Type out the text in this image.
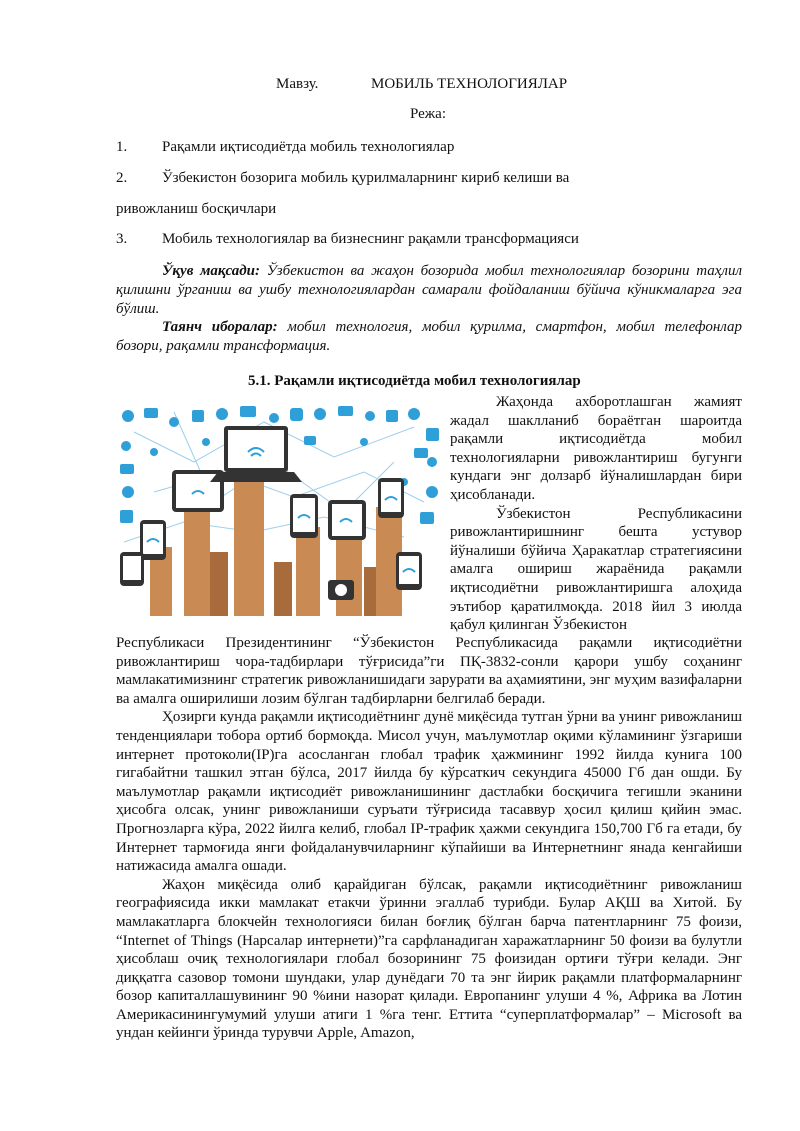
Мавзу.	МОБИЛЬ ТЕХНОЛОГИЯЛАР
Режа:
1. Рақамли иқтисодиётда мобиль технологиялар
2. Ўзбекистон бозорига мобиль қурилмаларнинг кириб келиши ва
ривожланиш босқичлари
3. Мобиль технологиялар ва бизнеснинг рақамли трансформацияси
Ўқув мақсади: Ўзбекистон ва жаҳон бозорида мобил технологиялар бозорини таҳлил қилишни ўрганиш ва ушбу технологиялардан самарали фойдаланиш бўйича кўникмаларга эга бўлиш.
Таянч иборалар: мобил технология, мобил қурилма, смартфон, мобил телефонлар бозори, рақамли трансформация.
5.1. Рақамли иқтисодиётда мобил технологиялар

Жаҳонда ахборотлашган жамият жадал шаклланиб бораётган шароитда рақамли иқтисодиётда мобил технологияларни ривожлантириш бугунги кундаги энг долзарб йўналишлардан бири ҳисобланади.

Ўзбекистон Республикасини ривожлантиришнинг бешта устувор йўналиши бўйича Ҳаракатлар стратегиясини амалга ошириш жараёнида рақамли иқтисодиётни ривожлантиришга алоҳида эътибор қаратилмоқда. 2018 йил 3 июлда қабул қилинган Ўзбекистон

Республикаси Президентининг “Ўзбекистон Республикасида рақамли иқтисодиётни ривожлантириш чора-тадбирлари тўғрисида”ги ПҚ-3832-сонли қарори ушбу соҳанинг мамлакатимизнинг стратегик ривожланишидаги зарурати ва аҳамиятини, энг муҳим вазифаларни ва амалга оширилиши лозим бўлган тадбирларни белгилаб беради.

Ҳозирги кунда рақамли иқтисодиётнинг дунё миқёсида тутган ўрни ва унинг ривожланиш тенденциялари тобора ортиб бормоқда. Мисол учун, маълумотлар оқими кўламининг ўзгариши интернет протоколи(IP)га асосланган глобал трафик ҳажмининг 1992 йилда кунига 100 гигабайтни ташкил этган бўлса, 2017 йилда бу кўрсаткич секундига 45000 Гб дан ошди. Бу маълумотлар рақамли иқтисодиёт ривожланишининг дастлабки босқичига тегишли эканини ҳисобга олсак, унинг ривожланиши суръати тўғрисида тасаввур ҳосил қилиш қийин эмас. Прогнозларга кўра, 2022 йилга келиб, глобал IP-трафик ҳажми секундига 150,700 Гб га етади, бу Интернет тармоғида янги фойдаланувчиларнинг кўпайиши ва Интернетнинг янада кенгайиши натижасида амалга ошади.

Жаҳон миқёсида олиб қарайдиган бўлсак, рақамли иқтисодиётнинг ривожланиш географиясида икки мамлакат етакчи ўринни эгаллаб турибди. Булар АҚШ ва Хитой. Бу мамлакатларга блокчейн технологияси билан боғлиқ бўлган барча патентларнинг 75 фоизи, “Internet of Things (Нарсалар интернети)”га сарфланадиган харажатларнинг 50 фоизи ва булутли ҳисоблаш очиқ технологиялари глобал бозорининг 75 фоизидан ортиғи тўғри келади. Энг диққатга сазовор томони шундаки, улар дунёдаги 70 та энг йирик рақамли платформаларнинг бозор капиталлашувининг 90 %ини назорат қилади. Европанинг улуши 4 %, Африка ва Лотин Америкасинингумумий улуши атиги 1 %га тенг. Еттита “суперплатформалар” – Microsoft ва ундан кейинги ўринда турувчи Apple, Amazon,
